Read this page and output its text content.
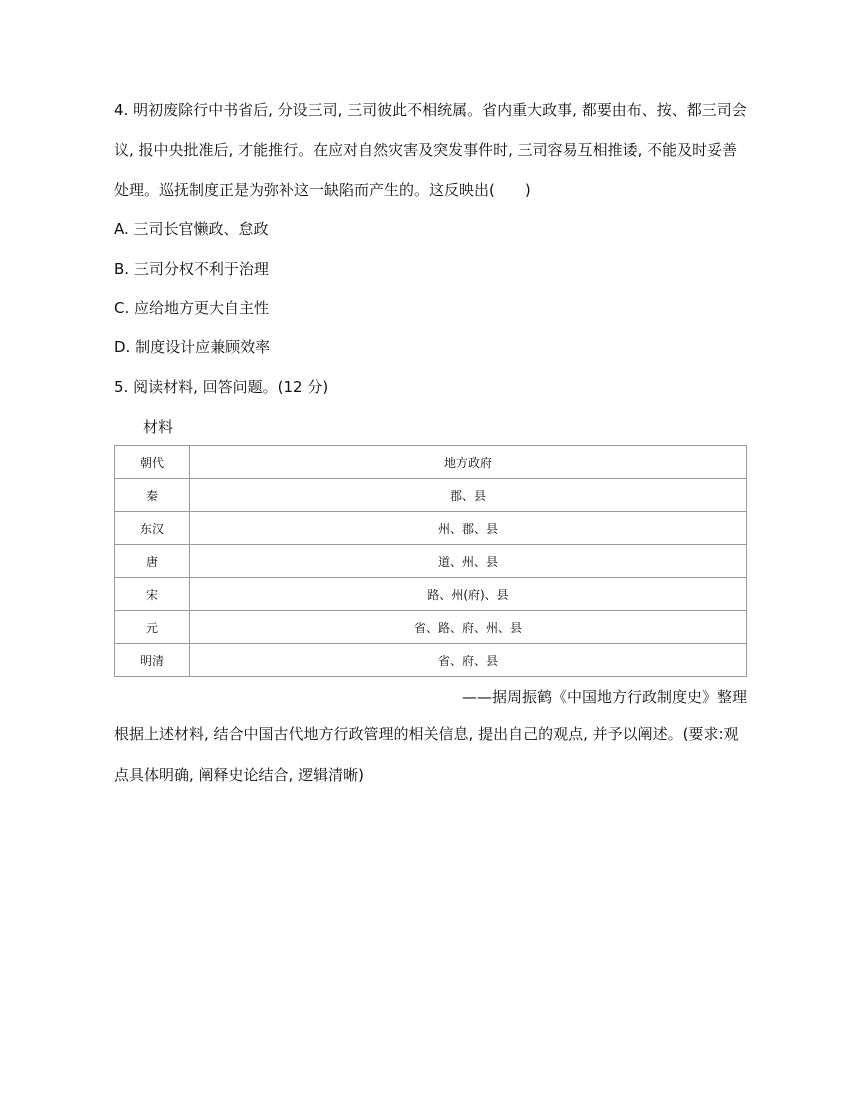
4. 明初废除行中书省后, 分设三司, 三司彼此不相统属。省内重大政事, 都要由布、按、都三司会
议, 报中央批准后, 才能推行。在应对自然灾害及突发事件时, 三司容易互相推诿, 不能及时妥善
处理。巡抚制度正是为弥补这一缺陷而产生的。这反映出(　　)
A. 三司长官懒政、怠政
B. 三司分权不利于治理
C. 应给地方更大自主性
D. 制度设计应兼顾效率
5. 阅读材料, 回答问题。(12 分)
材料
朝代	地方政府
秦	郡、县
东汉	州、郡、县
唐	道、州、县
宋	路、州(府)、县
元	省、路、府、州、县
明清	省、府、县
——据周振鹤《中国地方行政制度史》整理
根据上述材料, 结合中国古代地方行政管理的相关信息, 提出自己的观点, 并予以阐述。(要求:观
点具体明确, 阐释史论结合, 逻辑清晰)
